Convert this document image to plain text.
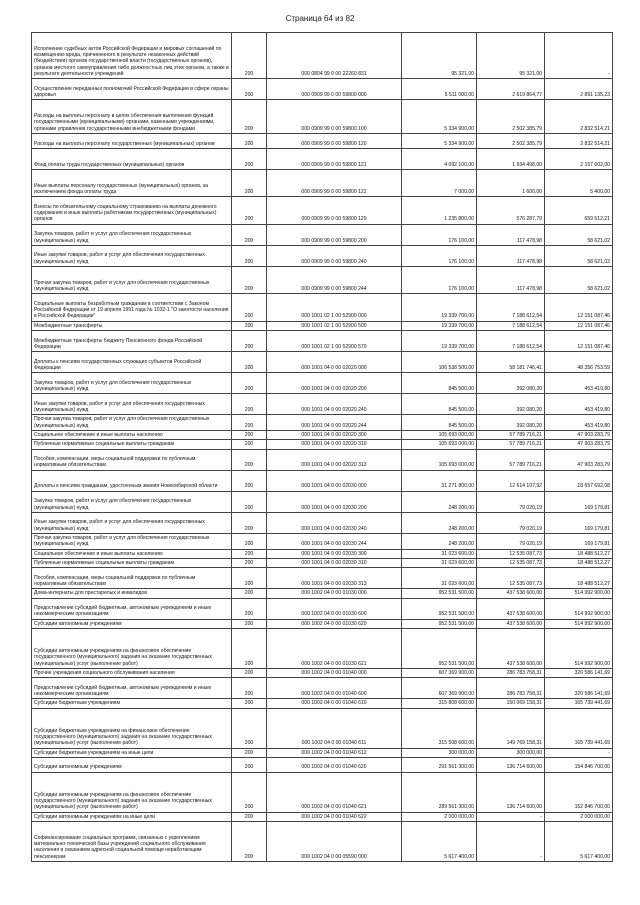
Страница 64 из 82
Исполнение судебных актов Российской Федерации и мировых соглашений по возмещению вреда, причиненного в результате незаконных действий (бездействия) органов государственной власти (государственных органов), органов местного самоуправления либо должностных лиц этих органов, а также в результате деятельности учреждений	200	000 0804 99 0 00 22260 831	95 321,00	95 321,00	-
Осуществление переданных полномочий Российской Федерации в сфере охраны здоровья	200	000 0909 99 0 00 59800 000	5 511 000,00	2 619 864,77	2 891 135,23
Расходы на выплаты персоналу в целях обеспечения выполнения функций государственными (муниципальными) органами, казенными учреждениями, органами управления государственными внебюджетными фондами	200	000 0909 99 0 00 59800 100	5 334 900,00	2 502 385,79	2 832 514,21
Расходы на выплаты персоналу государственных (муниципальных) органов	200	000 0909 99 0 00 59800 120	5 334 900,00	2 502 385,79	2 832 514,21
Фонд оплаты труда государственных (муниципальных) органов	200	000 0909 99 0 00 59800 121	4 092 100,00	1 934 498,00	2 157 602,00
Иные выплаты персоналу государственных (муниципальных) органов, за исключением фонда оплаты труда	200	000 0909 99 0 00 59800 122	7 000,00	1 600,00	5 400,00
Взносы по обязательному социальному страхованию на выплаты денежного содержания и иные выплаты работникам государственных (муниципальных) органов	200	000 0909 99 0 00 59800 129	1 235 800,00	576 287,79	659 512,21
Закупка товаров, работ и услуг для обеспечения государственных (муниципальных) нужд	200	000 0909 99 0 00 59800 200	176 100,00	117 478,98	58 621,02
Иные закупки товаров, работ и услуг для обеспечения государственных (муниципальных) нужд	200	000 0909 99 0 00 59800 240	176 100,00	117 478,98	58 621,02
Прочая закупка товаров, работ и услуг для обеспечения государственных (муниципальных) нужд	200	000 0909 99 0 00 59800 244	176 100,00	117 478,98	58 621,02
Социальные выплаты безработным гражданам в соответствии с Законом Российской Федерации от 19 апреля 1991 года № 1032-1 "О занятости населения в Российской Федерации"	200	000 1001 02 1 00 52900 000	19 339 700,00	7 188 612,54	12 151 087,46
Межбюджетные трансферты	200	000 1001 02 1 00 52900 500	19 339 700,00	7 188 612,54	12 151 087,46
Межбюджетные трансферты бюджету Пенсионного фонда Российской Федерации	200	000 1001 02 1 00 52900 570	19 339 700,00	7 188 612,54	12 151 087,46
Доплаты к пенсиям государственных служащих субъектов Российской Федерации	200	000 1001 04 0 00 02020 000	106 538 500,00	58 181 746,41	48 356 753,59
Закупка товаров, работ и услуг для обеспечения государственных (муниципальных) нужд	200	000 1001 04 0 00 02020 200	845 500,00	392 080,20	453 419,80
Иные закупки товаров, работ и услуг для обеспечения государственных (муниципальных) нужд	200	000 1001 04 0 00 02020 240	845 500,00	392 080,20	453 419,80
Прочая закупка товаров, работ и услуг для обеспечения государственных (муниципальных) нужд	200	000 1001 04 0 00 02020 244	845 500,00	392 080,20	453 419,80
Социальное обеспечение и иные выплаты населению	200	000 1001 04 0 00 02020 300	105 693 000,00	57 789 716,21	47 903 283,79
Публичные нормативные социальные выплаты гражданам	200	000 1001 04 0 00 02020 310	105 693 000,00	57 789 716,21	47 903 283,79
Пособия, компенсации, меры социальной поддержки по публичным нормативным обязательствам	200	000 1001 04 0 00 02020 313	105 693 000,00	57 789 716,21	47 903 283,79
Доплаты к пенсиям гражданам, удостоенным звания Новосибирской области	200	000 1001 04 0 00 02030 000	31 271 800,00	12 614 107,92	18 657 692,08
Закупка товаров, работ и услуг для обеспечения государственных (муниципальных) нужд	200	000 1001 04 0 00 02030 200	248 200,00	79 020,19	169 179,81
Иные закупки товаров, работ и услуг для обеспечения государственных (муниципальных) нужд	200	000 1001 04 0 00 02030 240	248 200,00	79 020,19	169 179,81
Прочая закупка товаров, работ и услуг для обеспечения государственных (муниципальных) нужд	200	000 1001 04 0 00 02030 244	248 200,00	79 020,19	169 179,81
Социальное обеспечение и иные выплаты населению	200	000 1001 04 0 00 02030 300	31 023 600,00	12 535 087,73	18 488 512,27
Публичные нормативные социальные выплаты гражданам	200	000 1001 04 0 00 02030 310	31 023 600,00	12 535 087,73	18 488 512,27
Пособия, компенсации, меры социальной поддержки по публичным нормативным обязательствам	200	000 1001 04 0 00 02030 313	31 023 600,00	12 535 087,73	18 488 512,27
Дома-интернаты для престарелых и инвалидов	200	000 1002 04 0 00 01030 000	952 531 500,00	437 538 600,00	514 992 900,00
Предоставление субсидий бюджетным, автономным учреждениям и иным некоммерческим организациям	200	000 1002 04 0 00 01030 600	952 531 500,00	437 538 600,00	514 992 900,00
Субсидии автономным учреждениям	200	000 1002 04 0 00 01030 620	952 531 500,00	437 538 600,00	514 992 900,00
Субсидии автономным учреждениям на финансовое обеспечение государственного (муниципального) задания на оказание государственных (муниципальных) услуг (выполнение работ)	200	000 1002 04 0 00 01030 621	952 531 500,00	437 538 600,00	514 992 900,00
Прочие учреждения социального обслуживания населения	200	000 1002 04 0 00 01040 000	607 369 900,00	286 783 758,31	320 586 141,69
Предоставление субсидий бюджетным, автономным учреждениям и иным некоммерческим организациям	200	000 1002 04 0 00 01040 600	607 369 900,00	286 783 758,31	320 586 141,69
Субсидии бюджетным учреждениям	200	000 1002 04 0 00 01040 610	315 808 600,00	150 069 158,31	165 739 441,69
Субсидии бюджетным учреждениям на финансовое обеспечение государственного (муниципального) задания на оказание государственных (муниципальных) услуг (выполнение работ)	200	000 1002 04 0 00 01040 611	315 508 600,00	149 769 158,31	165 739 441,69
Субсидии бюджетным учреждениям на иные цели	200	000 1002 04 0 00 01040 612	300 000,00	300 000,00	-
Субсидии автономным учреждениям	200	000 1002 04 0 00 01040 620	291 561 300,00	136 714 600,00	154 846 700,00
Субсидии автономным учреждениям на финансовое обеспечение государственного (муниципального) задания на оказание государственных (муниципальных) услуг (выполнение работ)	200	000 1002 04 0 00 01040 621	289 561 300,00	136 714 600,00	152 846 700,00
Субсидии автономным учреждениям на иные цели	200	000 1002 04 0 00 01040 622	2 000 000,00	-	2 000 000,00
Софинансирование социальных программ, связанных с укреплением материально-технической базы учреждений социального обслуживания населения и оказанием адресной социальной помощи неработающим пенсионерам	200	000 1002 04 0 00 05590 000	5 617 400,00	-	5 617 400,00
